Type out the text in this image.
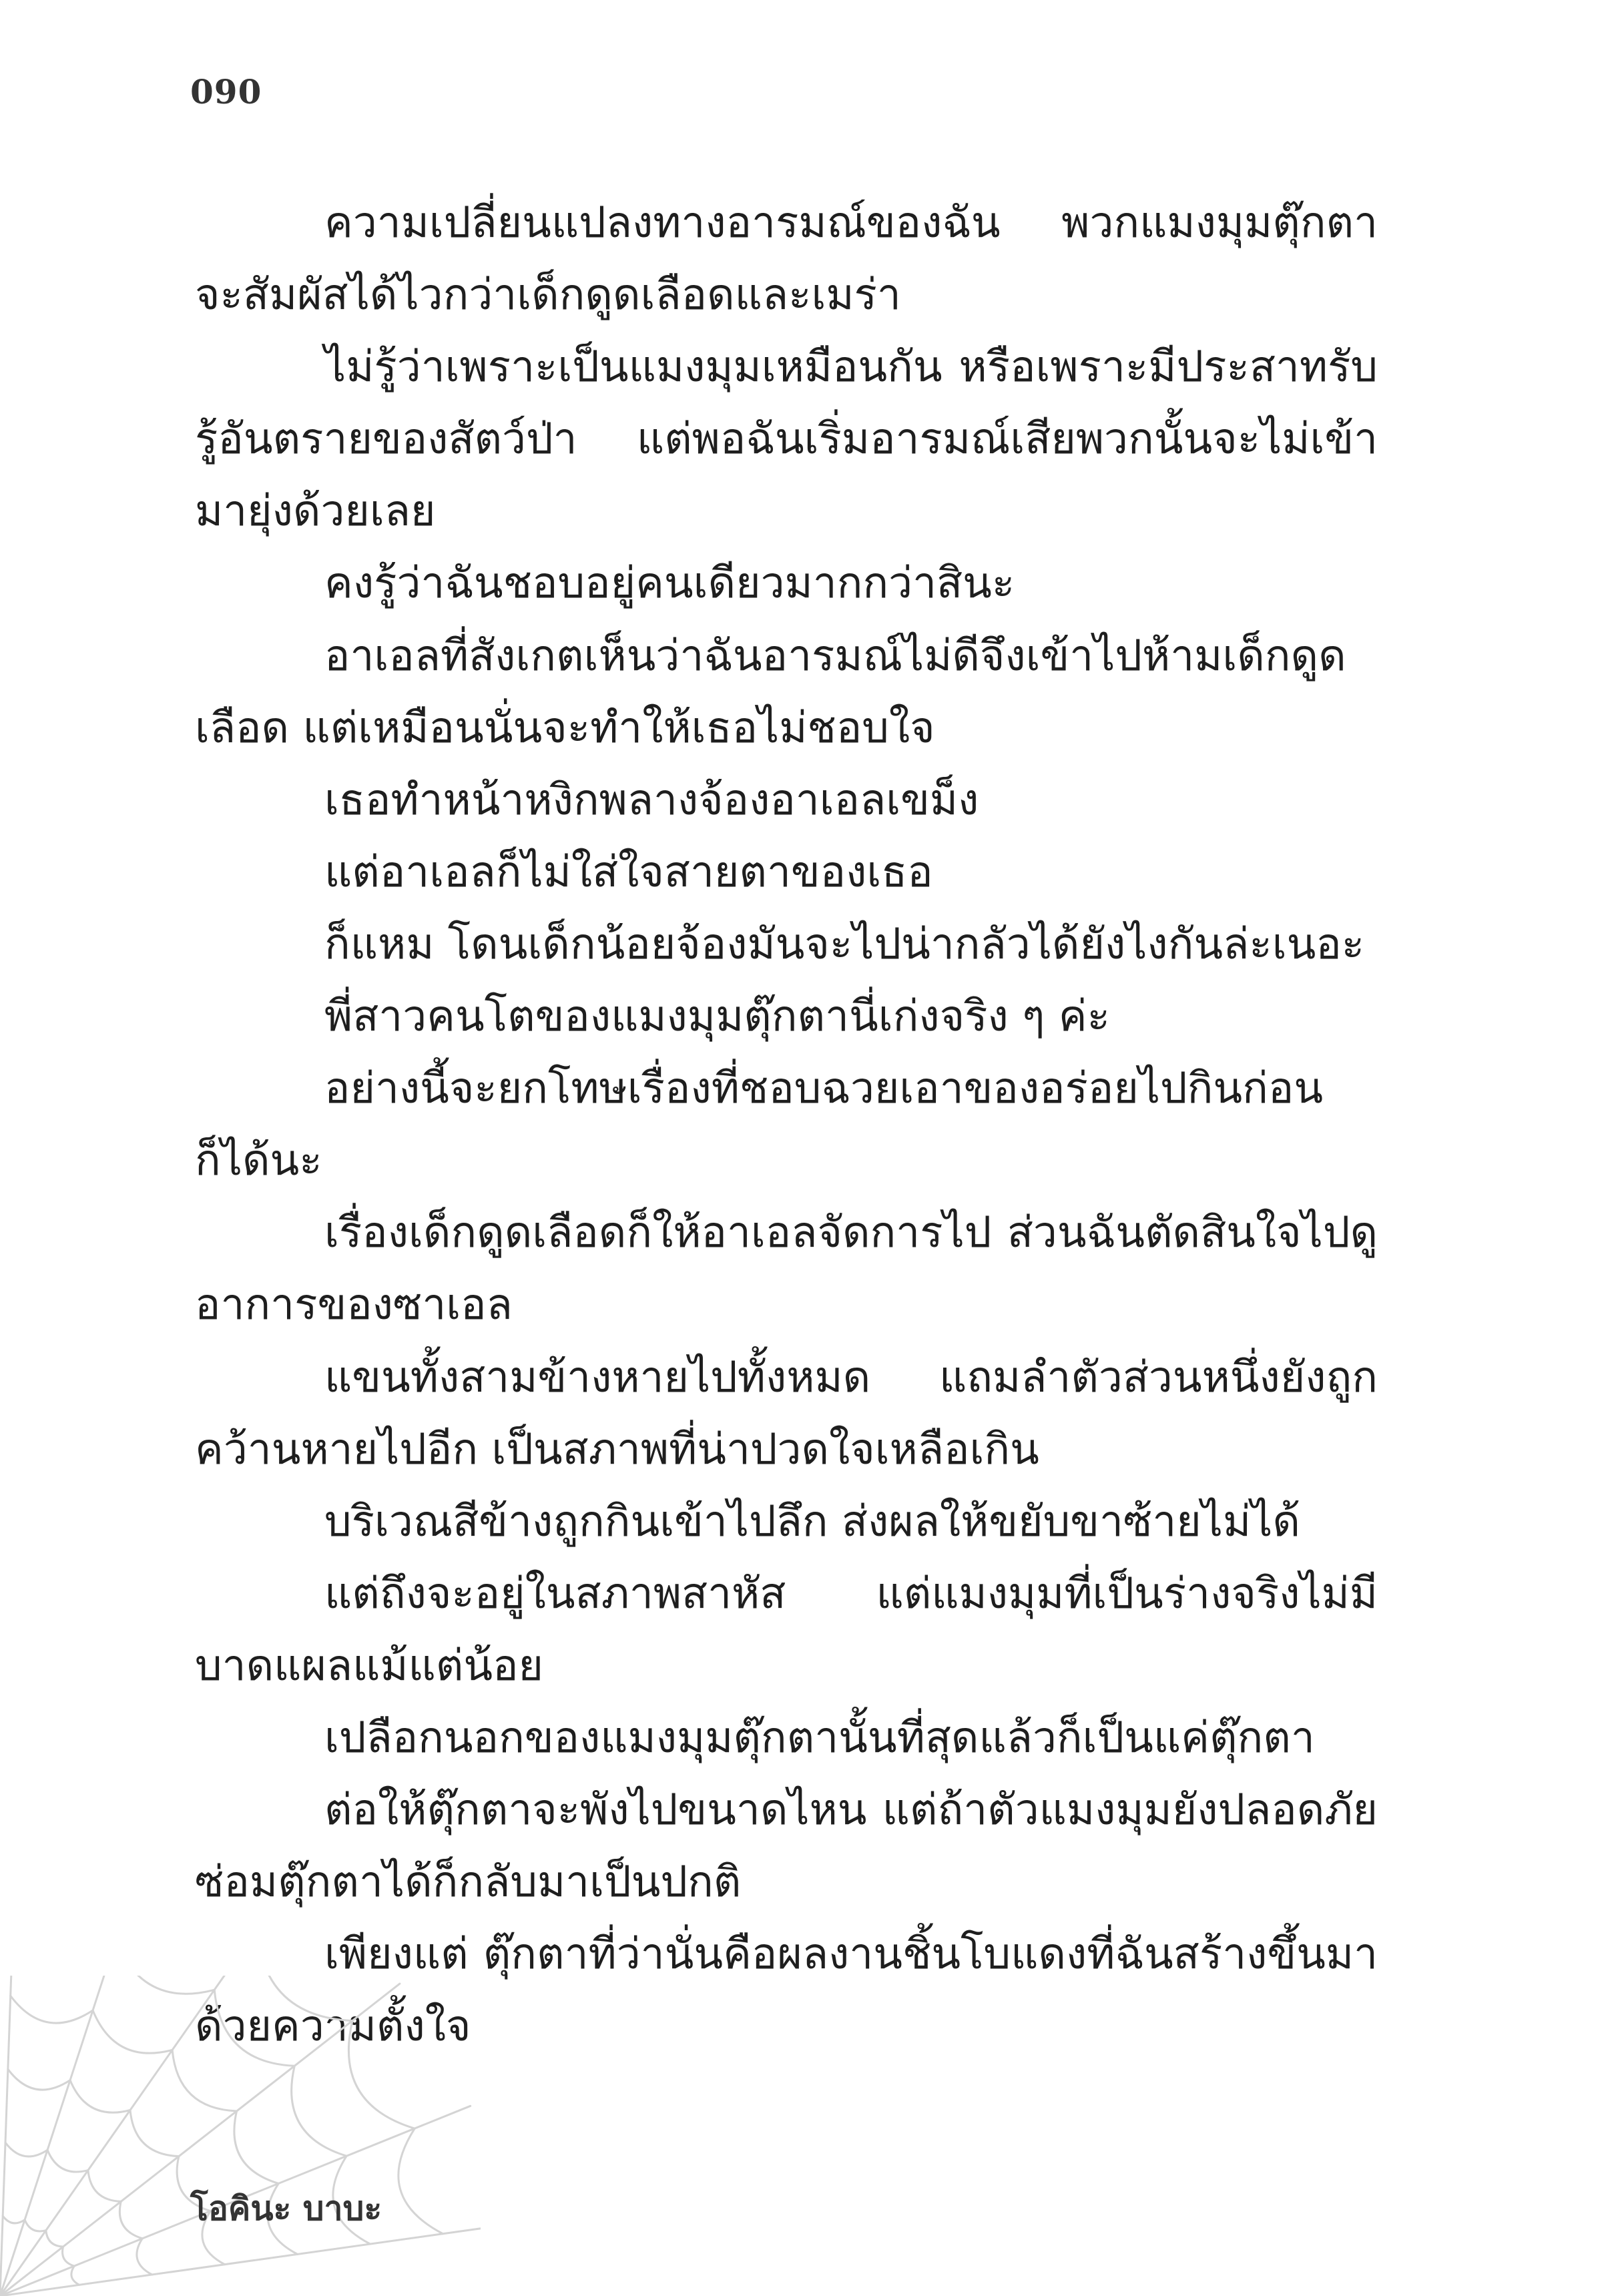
090

ความเปลี่ยนแปลงทางอารมณ์ของฉัน พวกแมงมุมตุ๊กตาจะสัมผัสได้ไวกว่าเด็กดูดเลือดและเมร่า

ไม่รู้ว่าเพราะเป็นแมงมุมเหมือนกัน หรือเพราะมีประสาทรับรู้อันตรายของสัตว์ป่า แต่พอฉันเริ่มอารมณ์เสียพวกนั้นจะไม่เข้ามายุ่งด้วยเลย

คงรู้ว่าฉันชอบอยู่คนเดียวมากกว่าสินะ

อาเอลที่สังเกตเห็นว่าฉันอารมณ์ไม่ดีจึงเข้าไปห้ามเด็กดูดเลือด แต่เหมือนนั่นจะทำให้เธอไม่ชอบใจ

เธอทำหน้าหงิกพลางจ้องอาเอลเขม็ง

แต่อาเอลก็ไม่ใส่ใจสายตาของเธอ

ก็แหม โดนเด็กน้อยจ้องมันจะไปน่ากลัวได้ยังไงกันล่ะเนอะ

พี่สาวคนโตของแมงมุมตุ๊กตานี่เก่งจริง ๆ ค่ะ

อย่างนี้จะยกโทษเรื่องที่ชอบฉวยเอาของอร่อยไปกินก่อนก็ได้นะ

เรื่องเด็กดูดเลือดก็ให้อาเอลจัดการไป ส่วนฉันตัดสินใจไปดูอาการของซาเอล

แขนทั้งสามข้างหายไปทั้งหมด แถมลำตัวส่วนหนึ่งยังถูกคว้านหายไปอีก เป็นสภาพที่น่าปวดใจเหลือเกิน

บริเวณสีข้างถูกกินเข้าไปลึก ส่งผลให้ขยับขาซ้ายไม่ได้

แต่ถึงจะอยู่ในสภาพสาหัส แต่แมงมุมที่เป็นร่างจริงไม่มีบาดแผลแม้แต่น้อย

เปลือกนอกของแมงมุมตุ๊กตานั้นที่สุดแล้วก็เป็นแค่ตุ๊กตา

ต่อให้ตุ๊กตาจะพังไปขนาดไหน แต่ถ้าตัวแมงมุมยังปลอดภัยซ่อมตุ๊กตาได้ก็กลับมาเป็นปกติ

เพียงแต่ ตุ๊กตาที่ว่านั่นคือผลงานชิ้นโบแดงที่ฉันสร้างขึ้นมาด้วยความตั้งใจ

โอคินะ บาบะ
